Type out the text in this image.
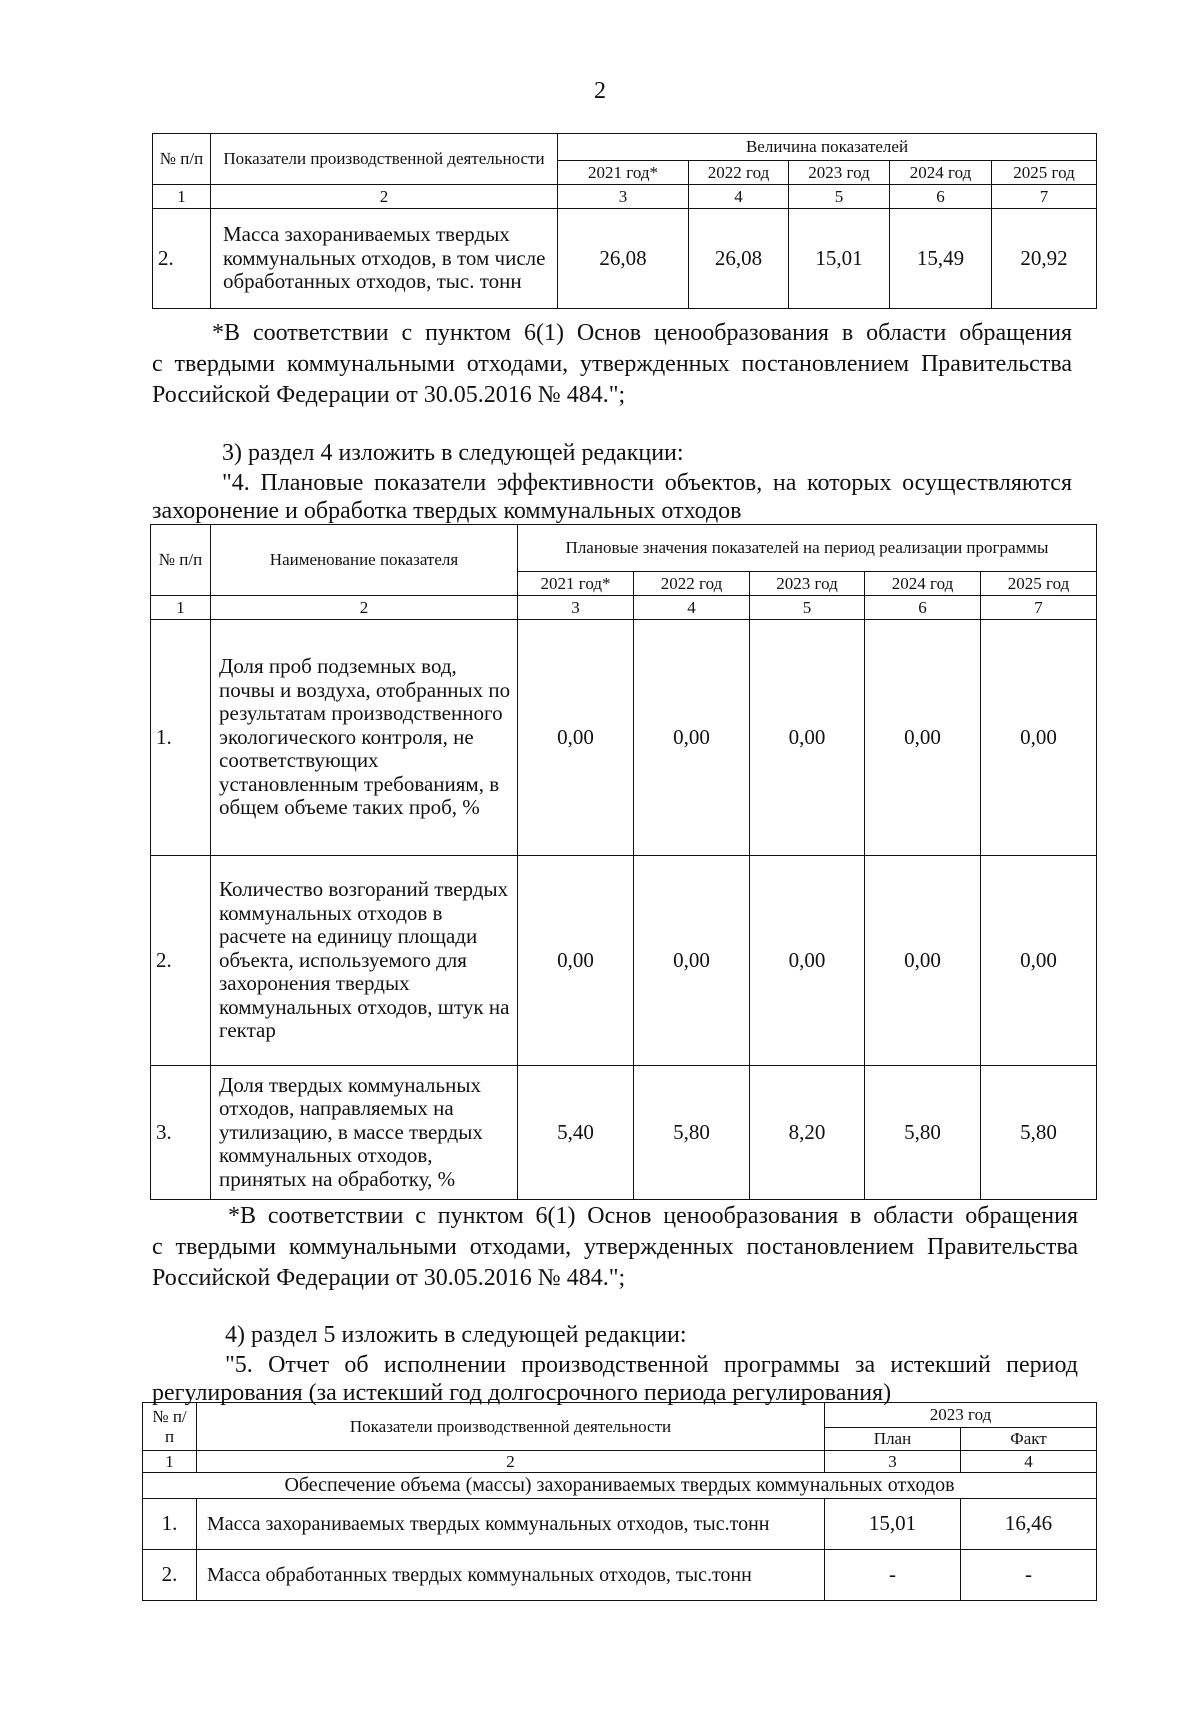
2
№ п/п	Показатели производственной деятельности	Величина показателей				
		2021 год*	2022 год	2023 год	2024 год	2025 год
1	2	3	4	5	6	7
2.	Масса захораниваемых твердых коммунальных отходов, в том числе обработанных отходов, тыс. тонн	26,08	26,08	15,01	15,49	20,92
*В соответствии с пунктом 6(1) Основ ценообразования в области обращения
с твердыми коммунальными отходами, утвержденных постановлением Правительства
Российской Федерации от 30.05.2016 № 484.";
3) раздел 4 изложить в следующей редакции:
"4. Плановые показатели эффективности объектов, на которых осуществляются
захоронение и обработка твердых коммунальных отходов
№ п/п	Наименование показателя	Плановые значения показателей на период реализации программы				
		2021 год*	2022 год	2023 год	2024 год	2025 год
1	2	3	4	5	6	7
1.	Доля проб подземных вод, почвы и воздуха, отобранных по результатам производственного экологического контроля, не соответствующих установленным требованиям, в общем объеме таких проб, %	0,00	0,00	0,00	0,00	0,00
2.	Количество возгораний твердых коммунальных отходов в расчете на единицу площади объекта, используемого для захоронения твердых коммунальных отходов, штук на гектар	0,00	0,00	0,00	0,00	0,00
3.	Доля твердых коммунальных отходов, направляемых на утилизацию, в массе твердых коммунальных отходов, принятых на обработку, %	5,40	5,80	8,20	5,80	5,80
*В соответствии с пунктом 6(1) Основ ценообразования в области обращения
с твердыми коммунальными отходами, утвержденных постановлением Правительства
Российской Федерации от 30.05.2016 № 484.";
4) раздел 5 изложить в следующей редакции:
"5. Отчет об исполнении производственной программы за истекший период
регулирования (за истекший год долгосрочного периода регулирования)
№ п/п	Показатели производственной деятельности	2023 год	
		План	Факт
1	2	3	4
Обеспечение объема (массы) захораниваемых твердых коммунальных отходов			
1.	Масса захораниваемых твердых коммунальных отходов, тыс.тонн	15,01	16,46
2.	Масса обработанных твердых коммунальных отходов, тыс.тонн	-	-
